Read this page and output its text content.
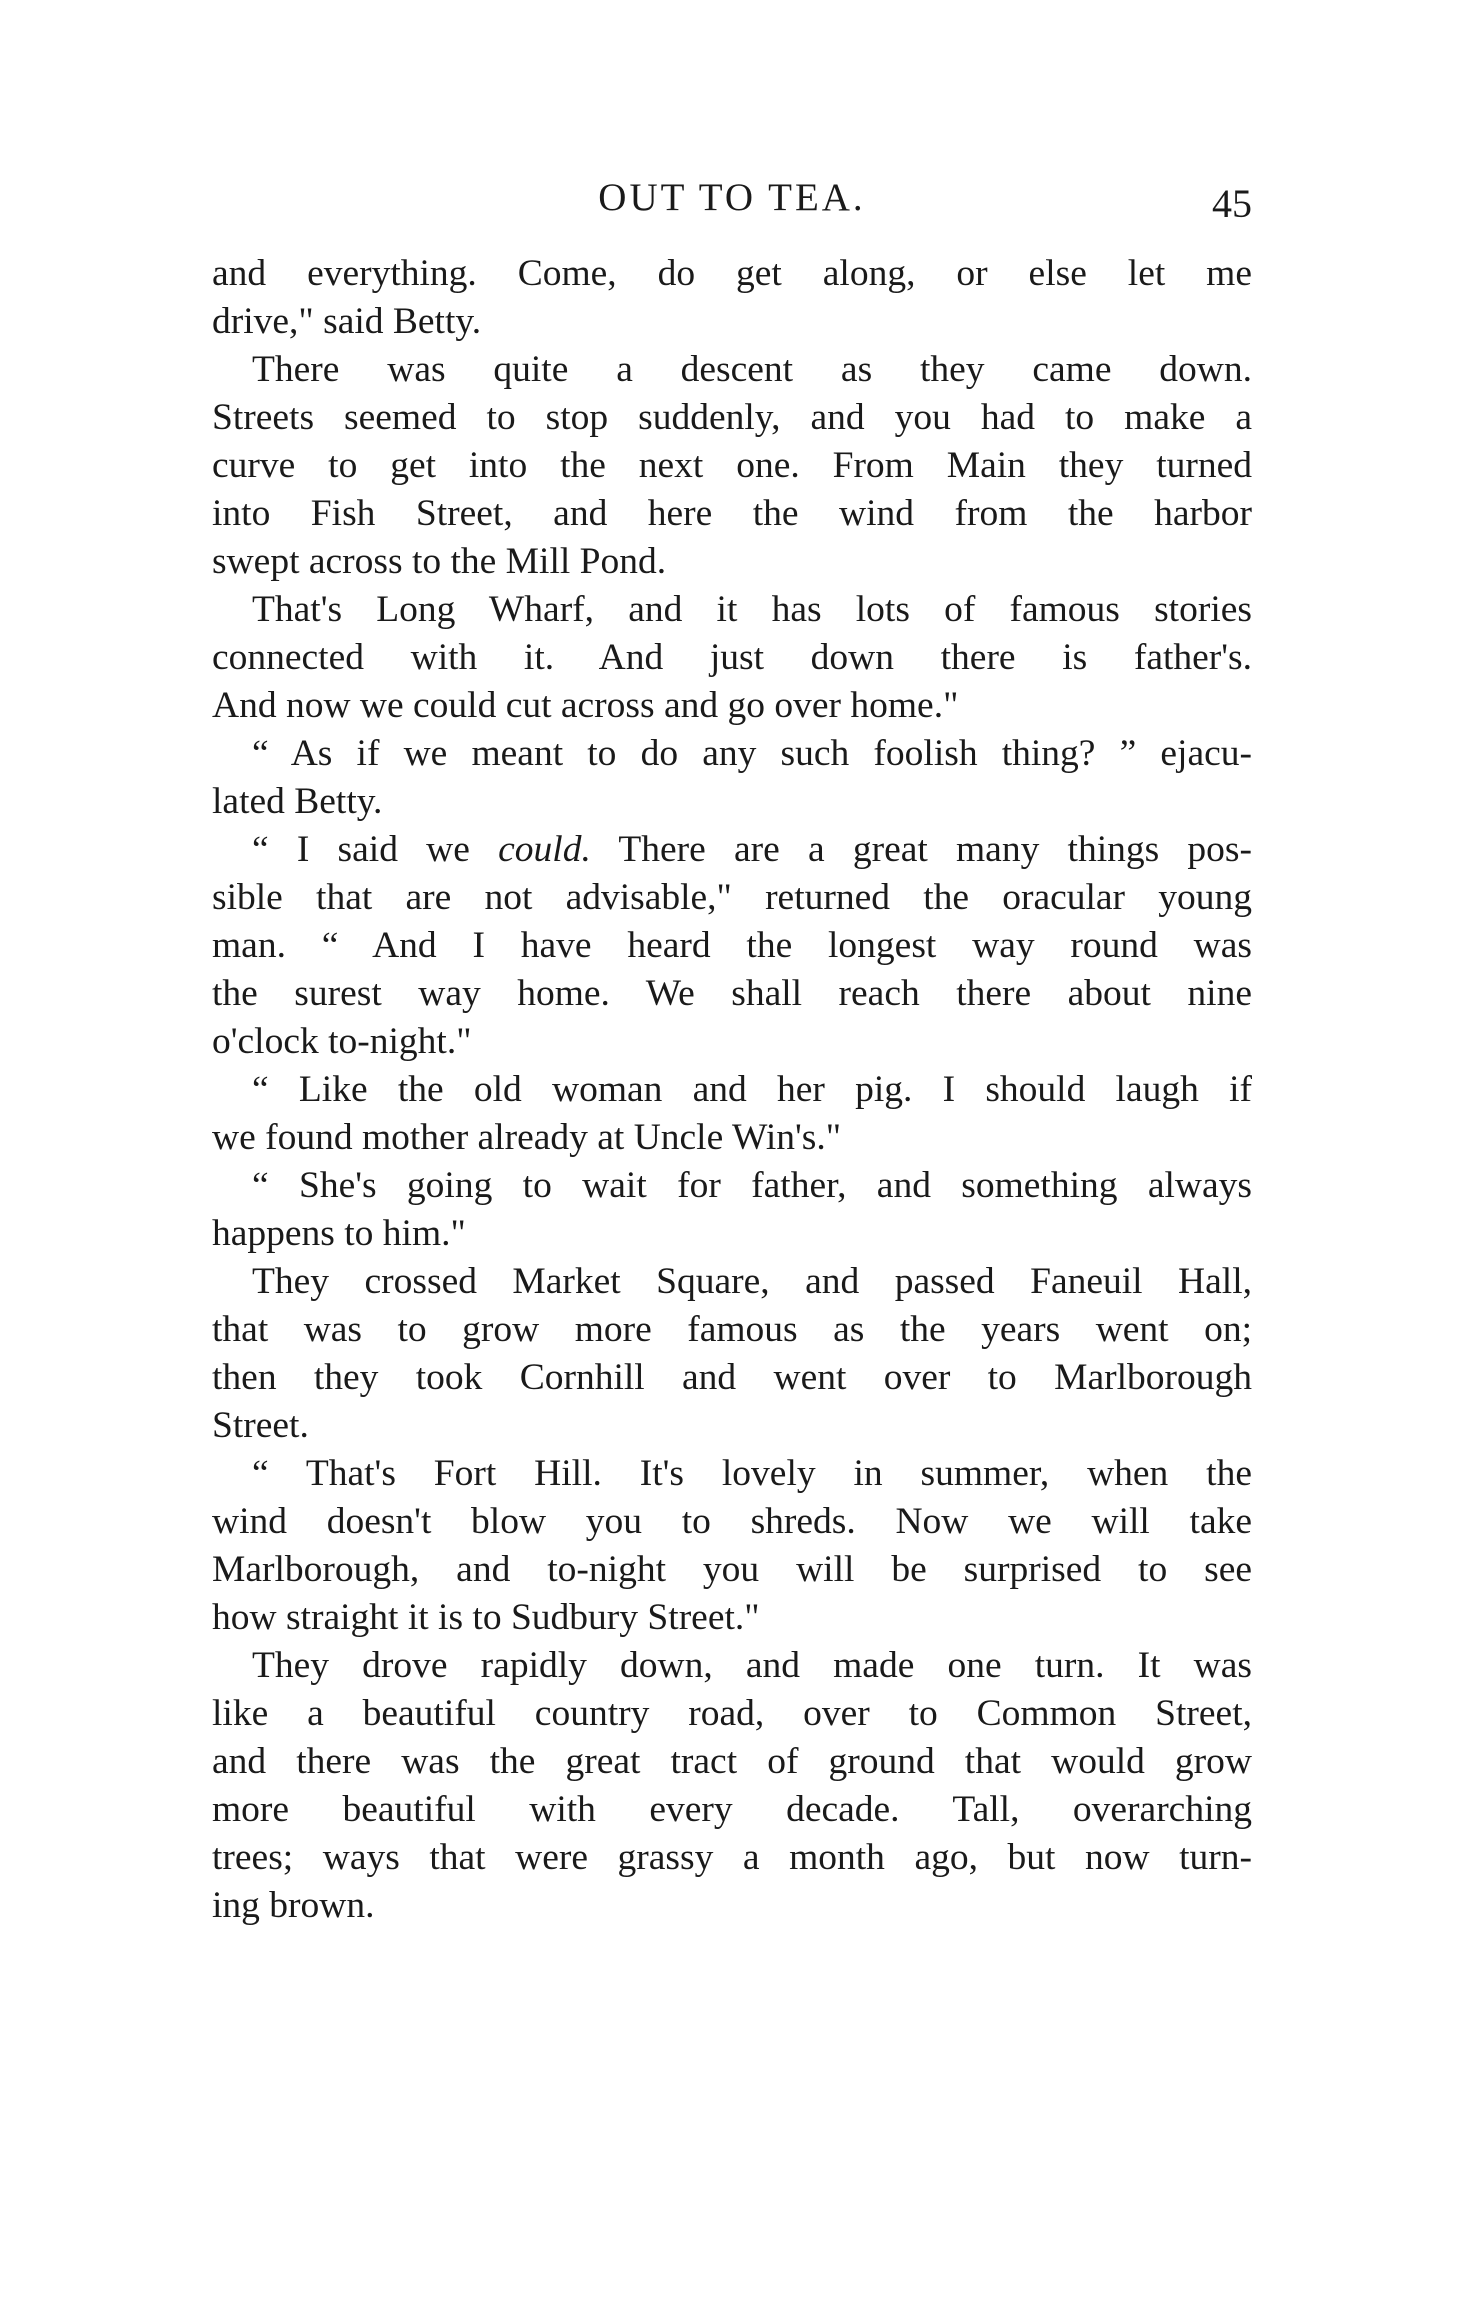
OUT TO TEA.	45
and everything. Come, do get along, or else let me
drive," said Betty.
There was quite a descent as they came down.
Streets seemed to stop suddenly, and you had to make a
curve to get into the next one. From Main they turned
into Fish Street, and here the wind from the harbor
swept across to the Mill Pond.
That's Long Wharf, and it has lots of famous stories
connected with it. And just down there is father's.
And now we could cut across and go over home."
“ As if we meant to do any such foolish thing? ” ejacu-
lated Betty.
“ I said we could. There are a great many things pos-
sible that are not advisable," returned the oracular young
man. “ And I have heard the longest way round was
the surest way home. We shall reach there about nine
o'clock to-night."
“ Like the old woman and her pig. I should laugh if
we found mother already at Uncle Win's."
“ She's going to wait for father, and something always
happens to him."
They crossed Market Square, and passed Faneuil Hall,
that was to grow more famous as the years went on;
then they took Cornhill and went over to Marlborough
Street.
“ That's Fort Hill. It's lovely in summer, when the
wind doesn't blow you to shreds. Now we will take
Marlborough, and to-night you will be surprised to see
how straight it is to Sudbury Street."
They drove rapidly down, and made one turn. It was
like a beautiful country road, over to Common Street,
and there was the great tract of ground that would grow
more beautiful with every decade. Tall, overarching
trees; ways that were grassy a month ago, but now turn-
ing brown.
